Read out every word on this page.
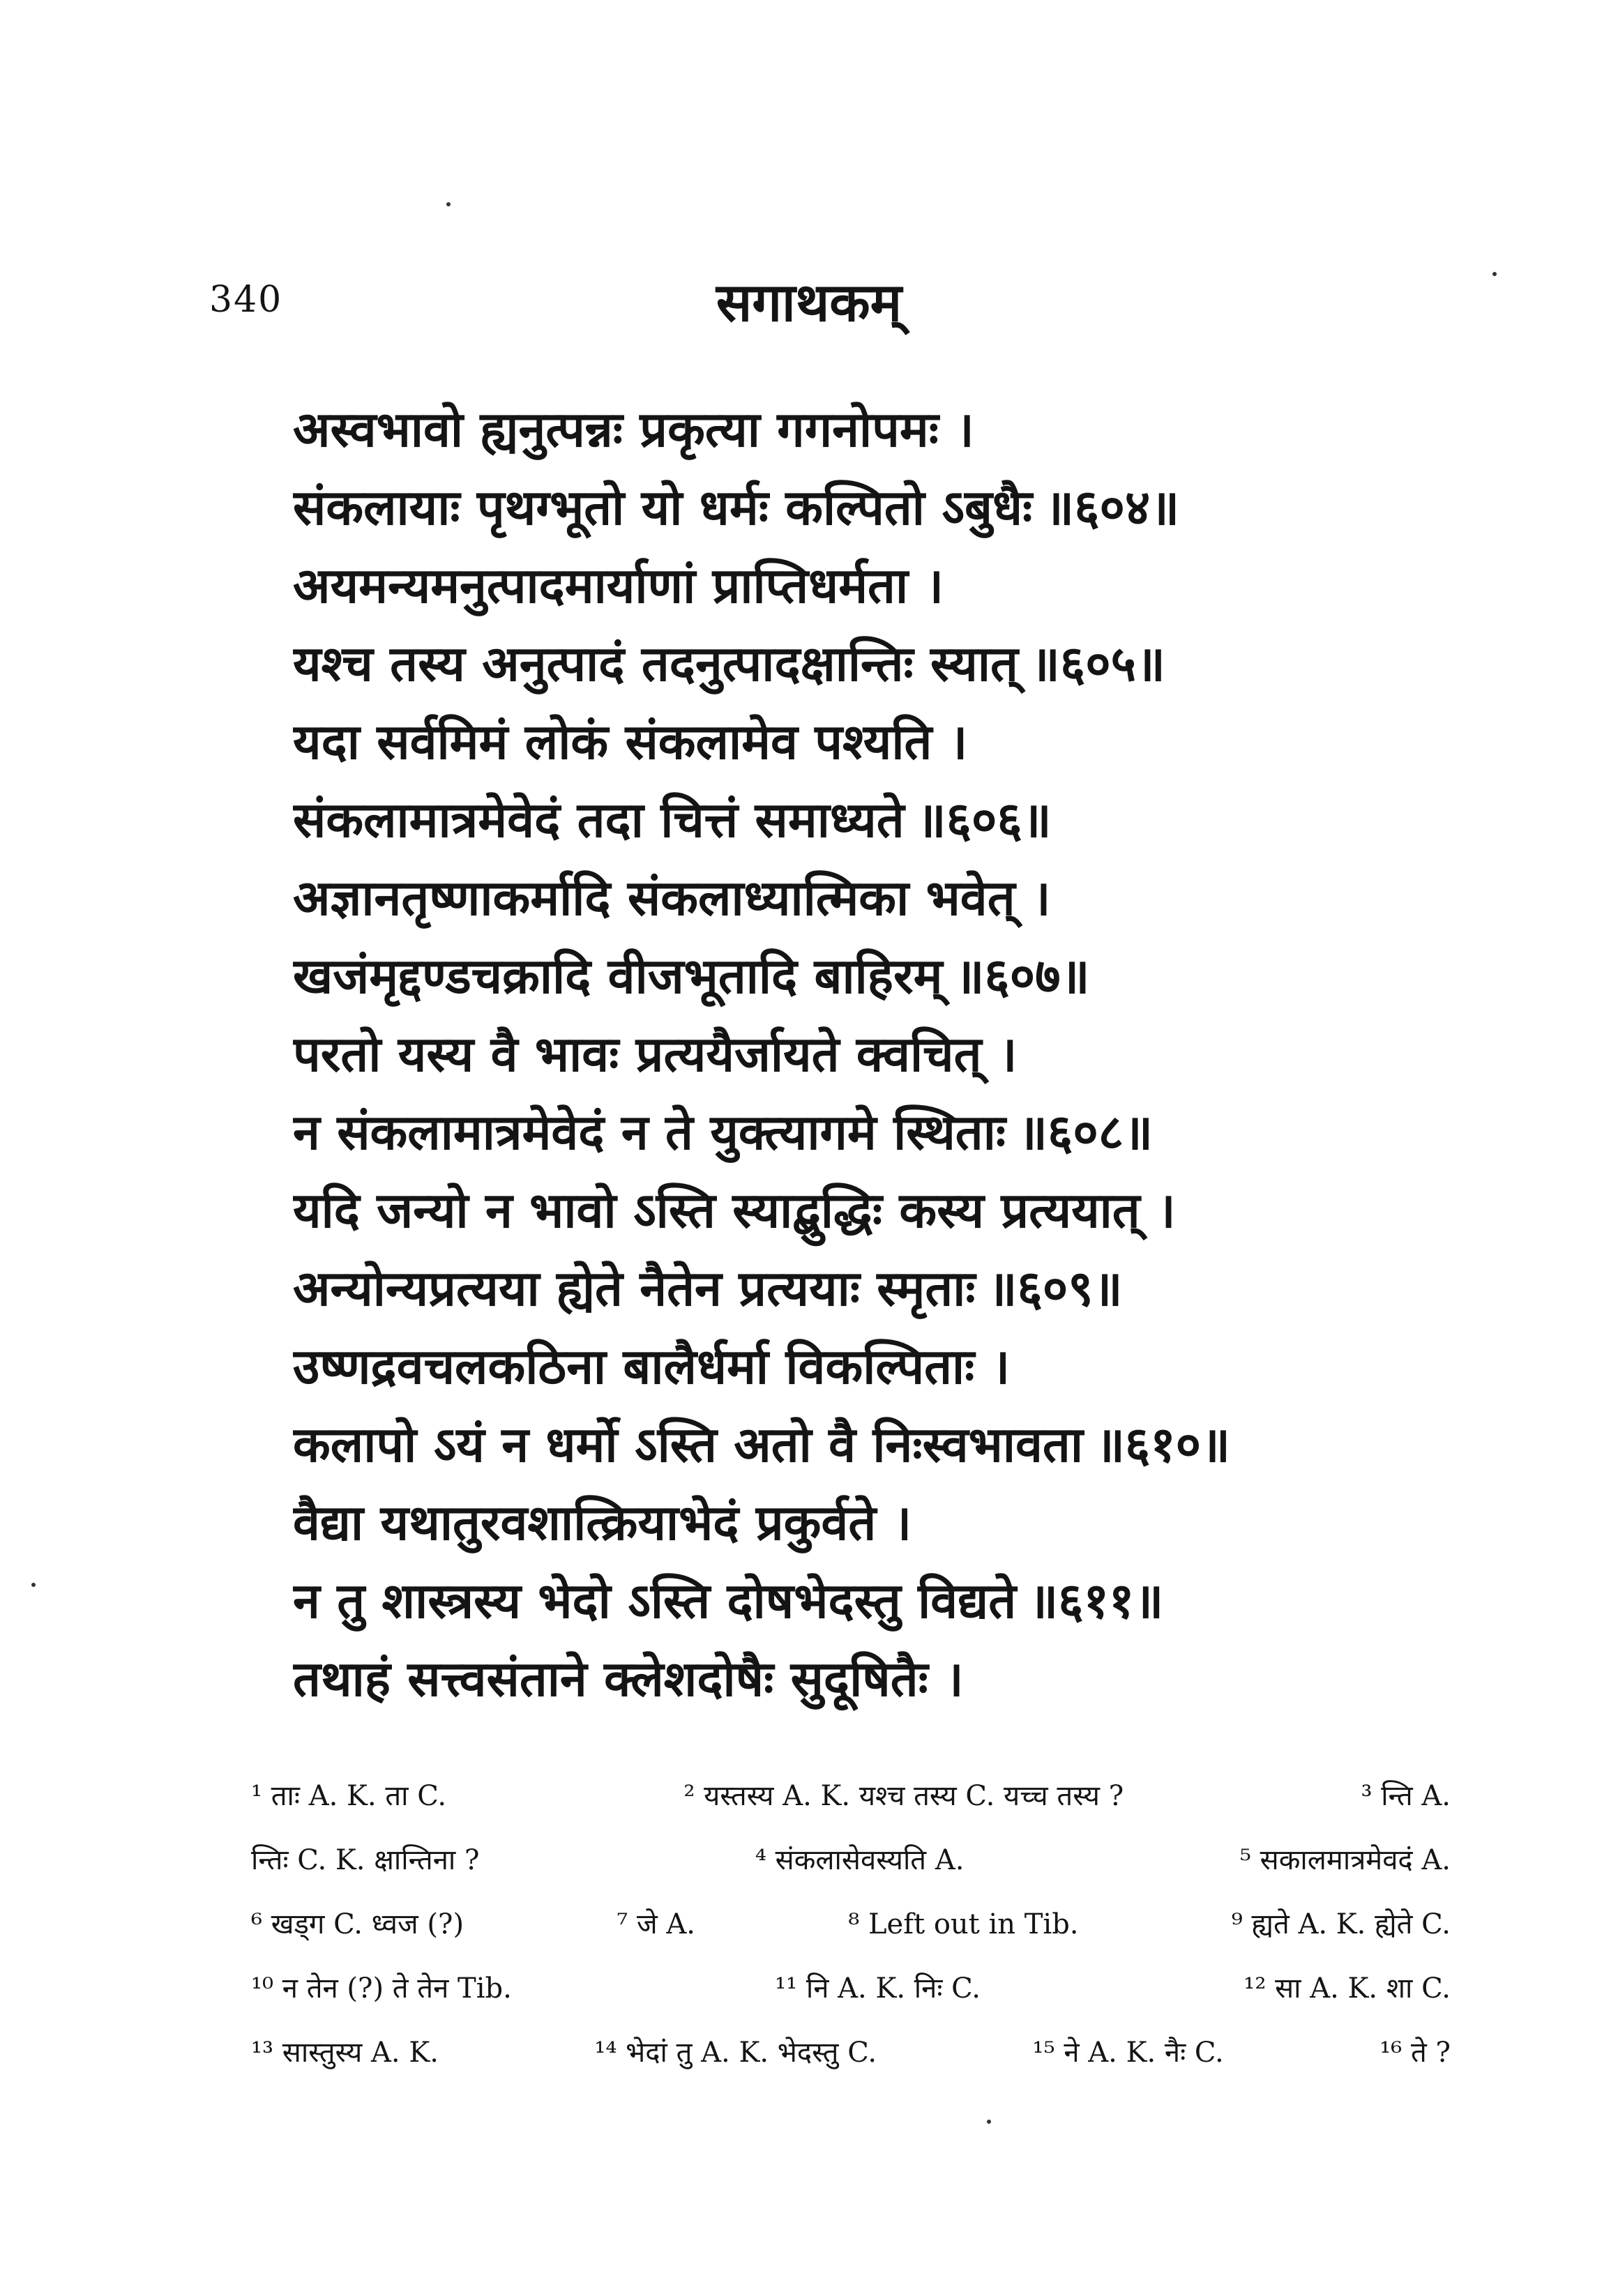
340	सगाथकम्
अस्वभावो ह्यनुत्पन्नः प्रकृत्या गगनोपमः ।
संकलायाः पृथग्भूतो यो धर्मः कल्पितो ऽबुधैः ॥६०४॥
अयमन्यमनुत्पादमार्याणां प्राप्तिधर्मता ।
यश्च तस्य अनुत्पादं तदनुत्पादक्षान्तिः स्यात् ॥६०५॥
यदा सर्वमिमं लोकं संकलामेव पश्यति ।
संकलामात्रमेवेदं तदा चित्तं समाध्यते ॥६०६॥
अज्ञानतृष्णाकर्मादि संकलाध्यात्मिका भवेत् ।
खजंमृद्दण्डचक्रादि वीजभूतादि बाहिरम् ॥६०७॥
परतो यस्य वै भावः प्रत्ययैर्जायते क्वचित् ।
न संकलामात्रमेवेदं न ते युक्त्यागमे स्थिताः ॥६०८॥
यदि जन्यो न भावो ऽस्ति स्याद्बुद्धिः कस्य प्रत्ययात् ।
अन्योन्यप्रत्यया ह्येते नैतेन प्रत्ययाः स्मृताः ॥६०९॥
उष्णद्रवचलकठिना बालैर्धर्मा विकल्पिताः ।
कलापो ऽयं न धर्मो ऽस्ति अतो वै निःस्वभावता ॥६१०॥
वैद्या यथातुरवशात्क्रियाभेदं प्रकुर्वते ।
न तु शास्त्रस्य भेदो ऽस्ति दोषभेदस्तु विद्यते ॥६११॥
तथाहं सत्त्वसंताने क्लेशदोषैः सुदूषितैः ।
¹ ताः A. K. ता C.	² यस्तस्य A. K. यश्च तस्य C. यच्च तस्य ?	³ न्ति A.
न्तिः C. K. क्षान्तिना ?	⁴ संकलासेवस्यति A.	⁵ सकालमात्रमेवदं A.
⁶ खड्ग C. ध्वज (?)	⁷ जे A.	⁸ Left out in Tib.	⁹ ह्यते A. K. ह्येते C.
¹⁰ न तेन (?) ते तेन Tib.	¹¹ नि A. K. निः C.	¹² सा A. K. शा C.
¹³ सास्तुस्य A. K.	¹⁴ भेदां तु A. K. भेदस्तु C.	¹⁵ ने A. K. नैः C.	¹⁶ ते ?
